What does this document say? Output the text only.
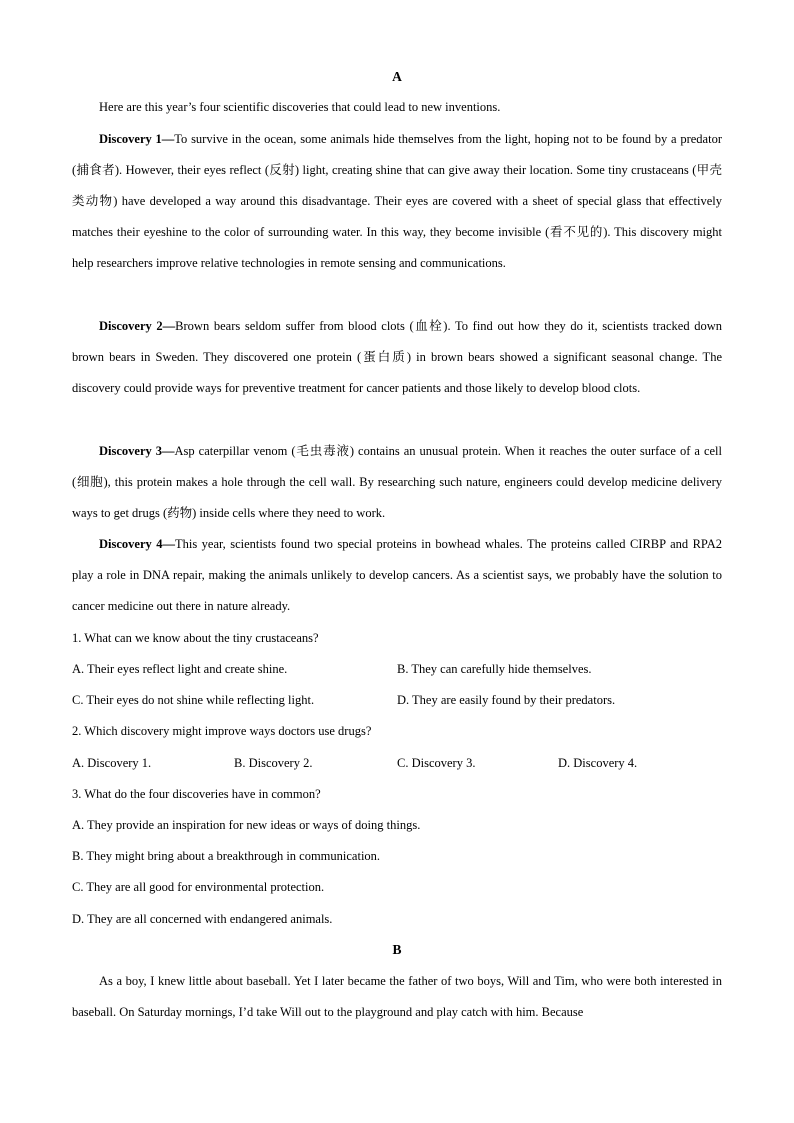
A
Here are this year’s four scientific discoveries that could lead to new inventions.
Discovery 1—To survive in the ocean, some animals hide themselves from the light, hoping not to be found by a predator (捕食者). However, their eyes reflect (反射) light, creating shine that can give away their location. Some tiny crustaceans (甲壳类动物) have developed a way around this disadvantage. Their eyes are covered with a sheet of special glass that effectively matches their eyeshine to the color of surrounding water. In this way, they become invisible (看不见的). This discovery might help researchers improve relative technologies in remote sensing and communications.
Discovery 2—Brown bears seldom suffer from blood clots (血栓). To find out how they do it, scientists tracked down brown bears in Sweden. They discovered one protein (蛋白质) in brown bears showed a significant seasonal change. The discovery could provide ways for preventive treatment for cancer patients and those likely to develop blood clots.
Discovery 3—Asp caterpillar venom (毛虫毒液) contains an unusual protein. When it reaches the outer surface of a cell (细胞), this protein makes a hole through the cell wall. By researching such nature, engineers could develop medicine delivery ways to get drugs (药物) inside cells where they need to work.
Discovery 4—This year, scientists found two special proteins in bowhead whales. The proteins called CIRBP and RPA2 play a role in DNA repair, making the animals unlikely to develop cancers. As a scientist says, we probably have the solution to cancer medicine out there in nature already.
1. What can we know about the tiny crustaceans?
A. Their eyes reflect light and create shine.	B. They can carefully hide themselves.
C. Their eyes do not shine while reflecting light.	D. They are easily found by their predators.
2. Which discovery might improve ways doctors use drugs?
A. Discovery 1.	B. Discovery 2.	C. Discovery 3.	D. Discovery 4.
3. What do the four discoveries have in common?
A. They provide an inspiration for new ideas or ways of doing things.
B. They might bring about a breakthrough in communication.
C. They are all good for environmental protection.
D. They are all concerned with endangered animals.
B
As a boy, I knew little about baseball. Yet I later became the father of two boys, Will and Tim, who were both interested in baseball. On Saturday mornings, I’d take Will out to the playground and play catch with him. Because
